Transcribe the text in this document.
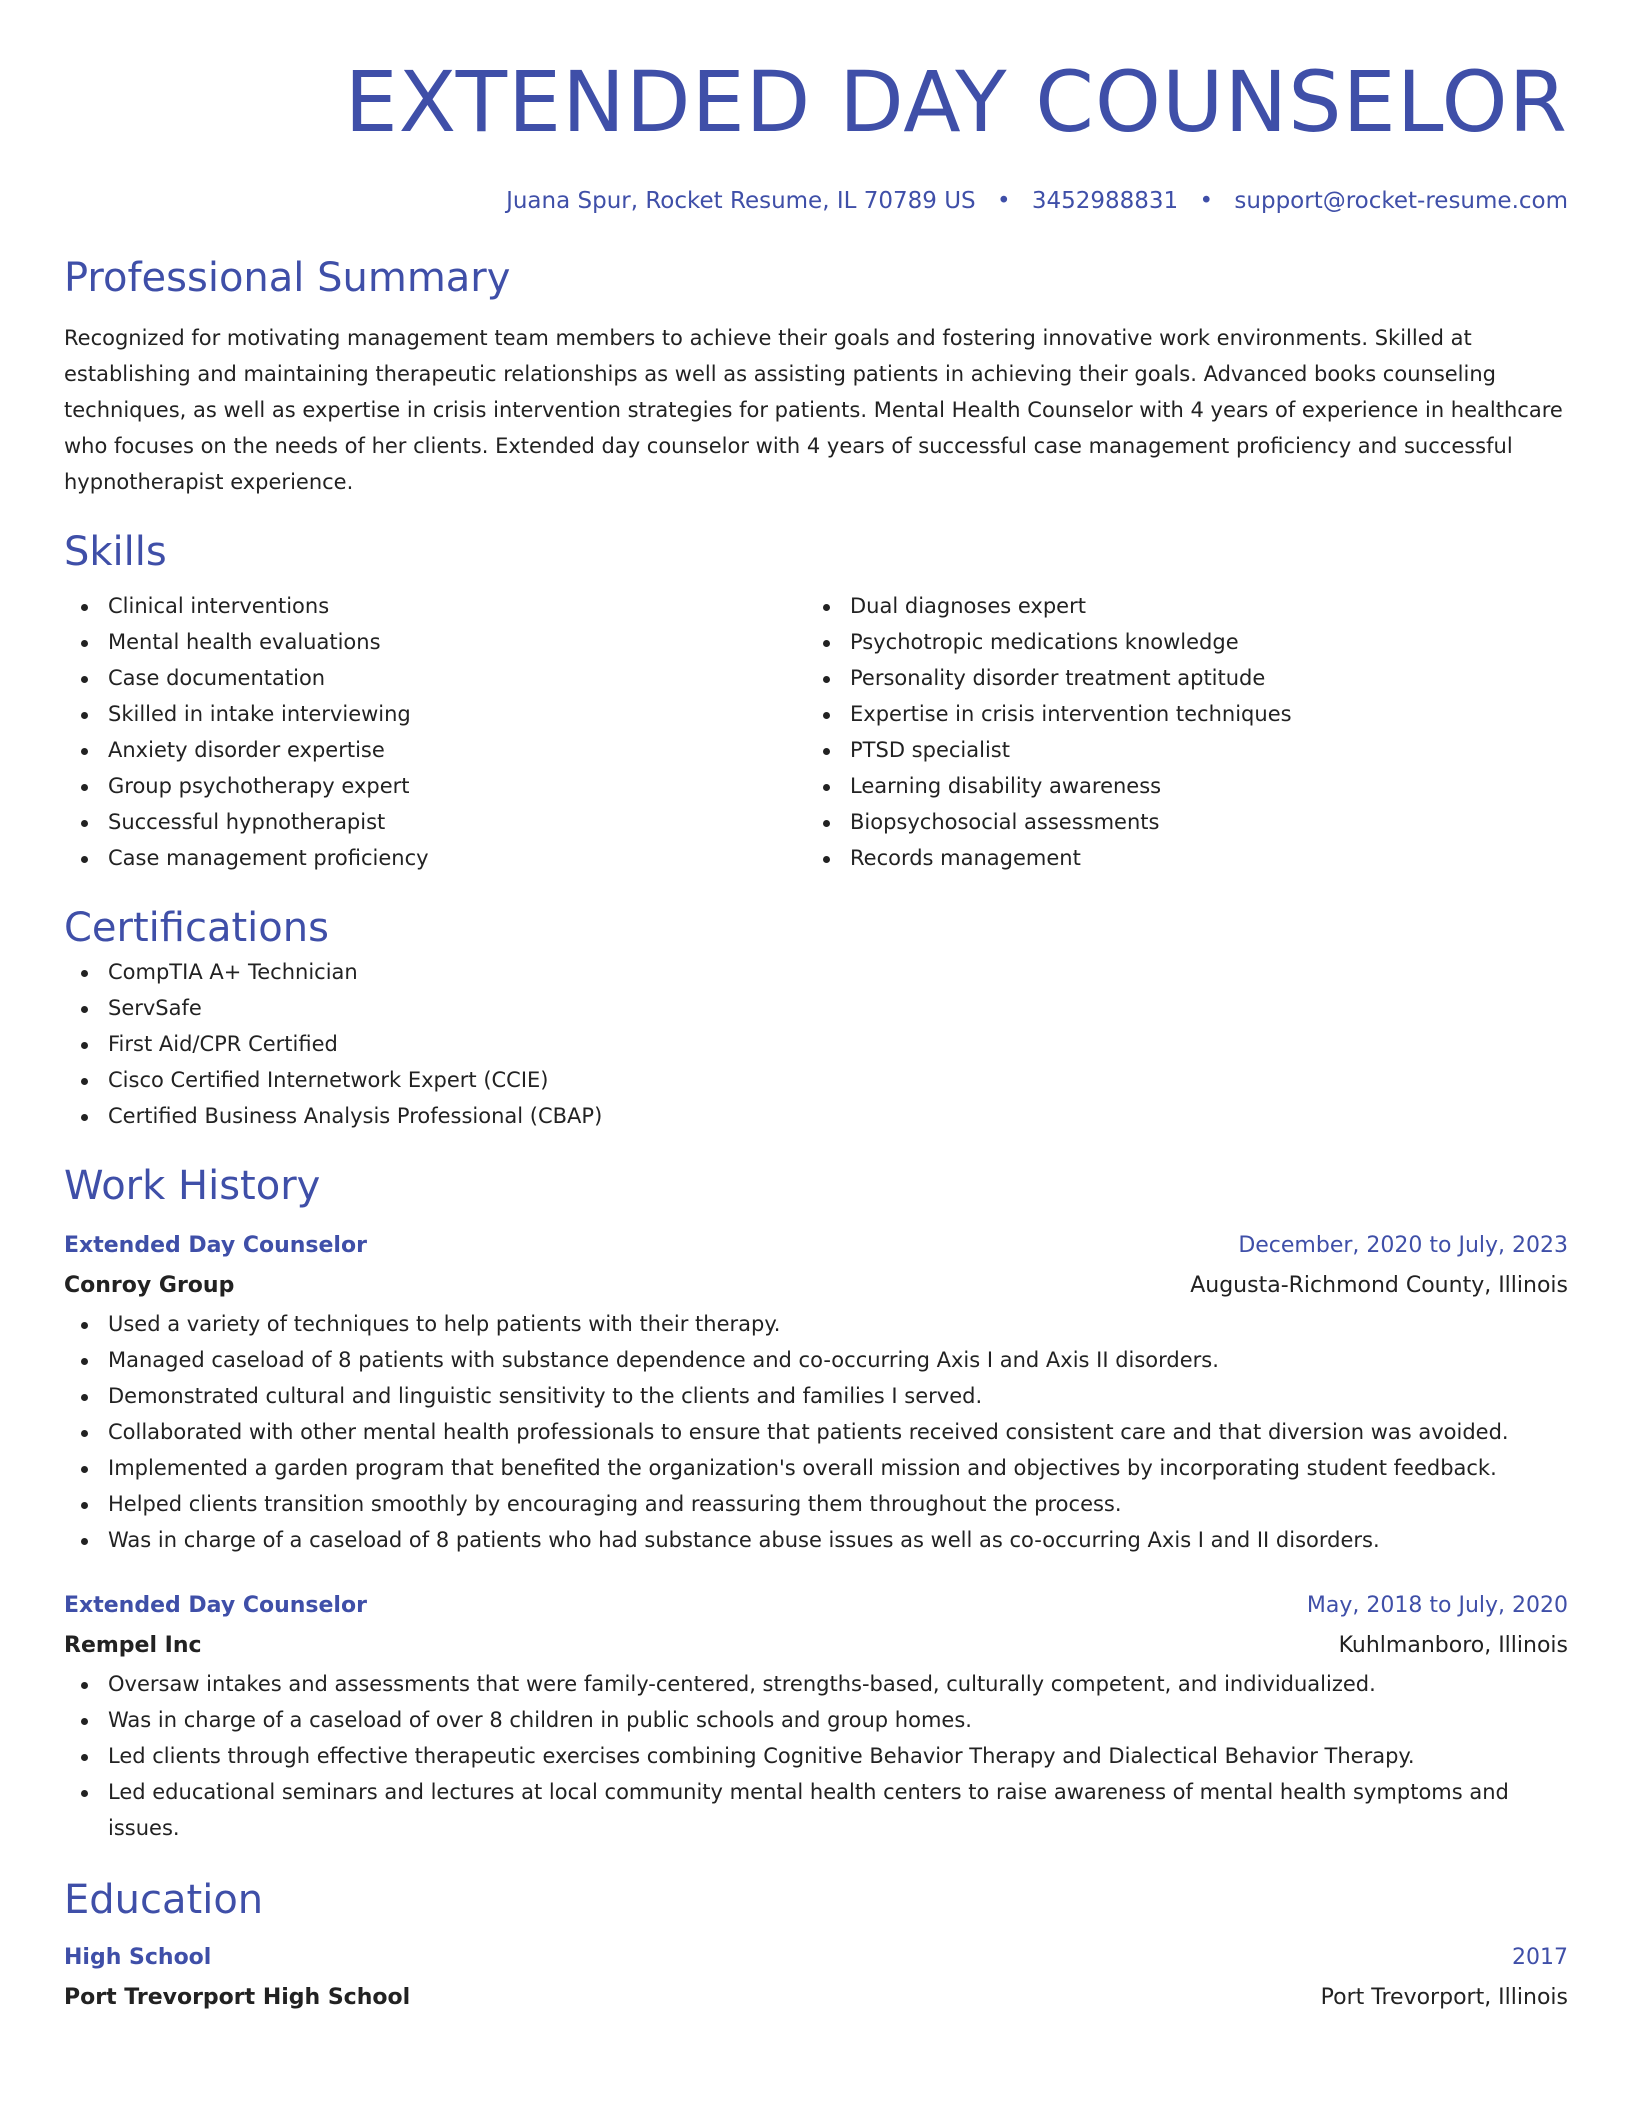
EXTENDED DAY COUNSELOR
Juana Spur, Rocket Resume, IL 70789 US • 3452988831 • support@rocket-resume.com
Professional Summary

Recognized for motivating management team members to achieve their goals and fostering innovative work environments. Skilled at establishing and maintaining therapeutic relationships as well as assisting patients in achieving their goals. Advanced books counseling techniques, as well as expertise in crisis intervention strategies for patients. Mental Health Counselor with 4 years of experience in healthcare who focuses on the needs of her clients. Extended day counselor with 4 years of successful case management proficiency and successful hypnotherapist experience.

Skills
Clinical interventions
Mental health evaluations
Case documentation
Skilled in intake interviewing
Anxiety disorder expertise
Group psychotherapy expert
Successful hypnotherapist
Case management proficiency
Dual diagnoses expert
Psychotropic medications knowledge
Personality disorder treatment aptitude
Expertise in crisis intervention techniques
PTSD specialist
Learning disability awareness
Biopsychosocial assessments
Records management
Certifications
CompTIA A+ Technician
ServSafe
First Aid/CPR Certified
Cisco Certified Internetwork Expert (CCIE)
Certified Business Analysis Professional (CBAP)
Work History
Extended Day Counselor	December, 2020 to July, 2023
Conroy Group	Augusta-Richmond County, Illinois
Used a variety of techniques to help patients with their therapy.
Managed caseload of 8 patients with substance dependence and co-occurring Axis I and Axis II disorders.
Demonstrated cultural and linguistic sensitivity to the clients and families I served.
Collaborated with other mental health professionals to ensure that patients received consistent care and that diversion was avoided.
Implemented a garden program that benefited the organization's overall mission and objectives by incorporating student feedback.
Helped clients transition smoothly by encouraging and reassuring them throughout the process.
Was in charge of a caseload of 8 patients who had substance abuse issues as well as co-occurring Axis I and II disorders.
Extended Day Counselor	May, 2018 to July, 2020
Rempel Inc	Kuhlmanboro, Illinois
Oversaw intakes and assessments that were family-centered, strengths-based, culturally competent, and individualized.
Was in charge of a caseload of over 8 children in public schools and group homes.
Led clients through effective therapeutic exercises combining Cognitive Behavior Therapy and Dialectical Behavior Therapy.
Led educational seminars and lectures at local community mental health centers to raise awareness of mental health symptoms and issues.
Education
High School	2017
Port Trevorport High School	Port Trevorport, Illinois
